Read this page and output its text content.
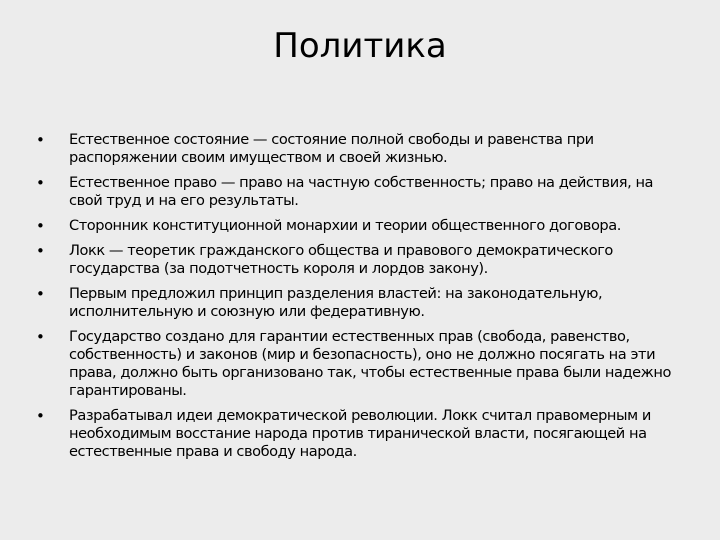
Политика
• Естественное состояние — состояние полной свободы и равенства при распоряжении своим имуществом и своей жизнью.
• Естественное право — право на частную собственность; право на действия, на свой труд и на его результаты.
• Сторонник конституционной монархии и теории общественного договора.
• Локк — теоретик гражданского общества и правового демократического государства (за подотчетность короля и лордов закону).
• Первым предложил принцип разделения властей: на законодательную, исполнительную и союзную или федеративную.
• Государство создано для гарантии естественных прав (свобода, равенство, собственность) и законов (мир и безопасность), оно не должно посягать на эти права, должно быть организовано так, чтобы естественные права были надежно гарантированы.
• Разрабатывал идеи демократической революции. Локк считал правомерным и необходимым восстание народа против тиранической власти, посягающей на естественные права и свободу народа.
